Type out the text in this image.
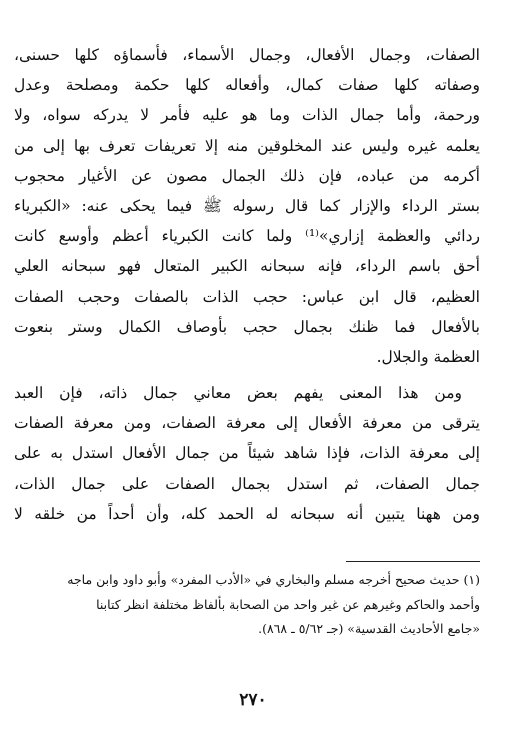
الصفات، وجمال الأفعال، وجمال الأسماء، فأسماؤه كلها حسنى،
وصفاته كلها صفات كمال، وأفعاله كلها حكمة ومصلحة وعدل
ورحمة، وأما جمال الذات وما هو عليه فأمر لا يدركه سواه، ولا
يعلمه غيره وليس عند المخلوقين منه إلا تعريفات تعرف بها إلى من
أكرمه من عباده، فإن ذلك الجمال مصون عن الأغيار محجوب
بستر الرداء والإزار كما قال رسوله ﷺ فيما يحكى عنه: «الكبرياء
ردائي والعظمة إزاري»⁽¹⁾ ولما كانت الكبرياء أعظم وأوسع كانت
أحق باسم الرداء، فإنه سبحانه الكبير المتعال فهو سبحانه العلي
العظيم، قال ابن عباس: حجب الذات بالصفات وحجب الصفات
بالأفعال فما ظنك بجمال حجب بأوصاف الكمال وستر بنعوت
العظمة والجلال.
ومن هذا المعنى يفهم بعض معاني جمال ذاته، فإن العبد
يترقى من معرفة الأفعال إلى معرفة الصفات، ومن معرفة الصفات
إلى معرفة الذات، فإذا شاهد شيئاً من جمال الأفعال استدل به على
جمال الصفات، ثم استدل بجمال الصفات على جمال الذات،
ومن ههنا يتبين أنه سبحانه له الحمد كله، وأن أحداً من خلقه لا
(١) حديث صحيح أخرجه مسلم والبخاري في «الأدب المفرد» وأبو داود وابن ماجه
وأحمد والحاكم وغيرهم عن غير واحد من الصحابة بألفاظ مختلفة انظر كتابنا
«جامع الأحاديث القدسية» (جـ ٥/٦٢ ـ ٨٦٨).
٢٧٠
